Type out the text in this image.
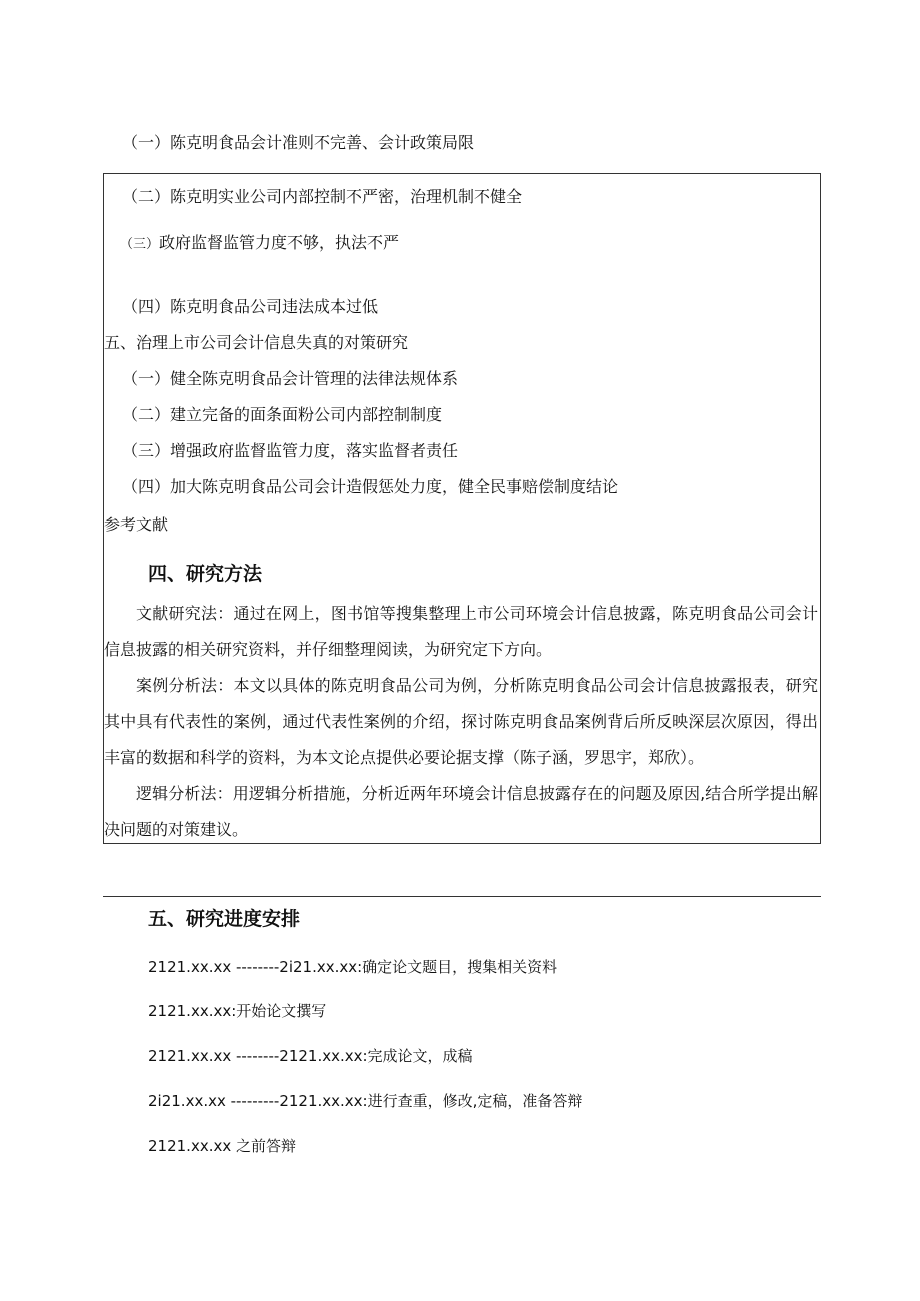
（一）陈克明食品会计准则不完善、会计政策局限
（二）陈克明实业公司内部控制不严密，治理机制不健全
（三）政府监督监管力度不够，执法不严
（四）陈克明食品公司违法成本过低
五、治理上市公司会计信息失真的对策研究
（一）健全陈克明食品会计管理的法律法规体系
（二）建立完备的面条面粉公司内部控制制度
（三）增强政府监督监管力度，落实监督者责任
（四）加大陈克明食品公司会计造假惩处力度，健全民事赔偿制度结论
参考文献
四、研究方法
文献研究法：通过在网上，图书馆等搜集整理上市公司环境会计信息披露，陈克明食品公司会计信息披露的相关研究资料，并仔细整理阅读，为研究定下方向。
案例分析法：本文以具体的陈克明食品公司为例，分析陈克明食品公司会计信息披露报表，研究其中具有代表性的案例，通过代表性案例的介绍，探讨陈克明食品案例背后所反映深层次原因，得出丰富的数据和科学的资料，为本文论点提供必要论据支撑（陈子涵，罗思宇，郑欣）。
逻辑分析法：用逻辑分析措施，分析近两年环境会计信息披露存在的问题及原因,结合所学提出解决问题的对策建议。
五、研究进度安排
2121.xx.xx --------2i21.xx.xx:确定论文题目，搜集相关资料
2121.xx.xx:开始论文撰写
2121.xx.xx --------2121.xx.xx:完成论文，成稿
2i21.xx.xx ---------2121.xx.xx:进行查重，修改,定稿，准备答辩
2121.xx.xx 之前答辩
